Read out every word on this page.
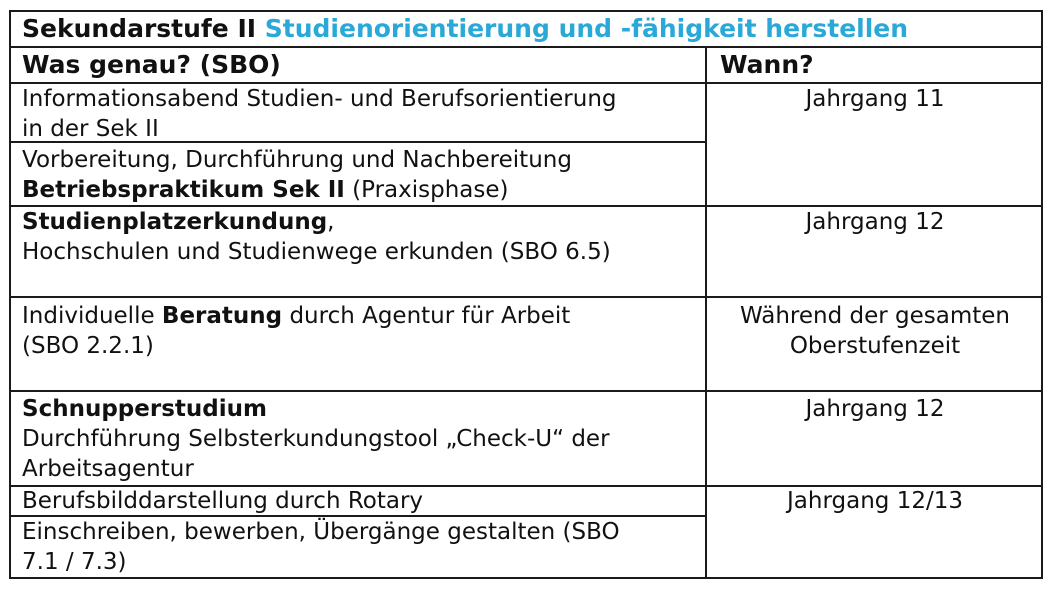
Sekundarstufe II Studienorientierung und -fähigkeit herstellen
Was genau? (SBO)	Wann?
Informationsabend Studien- und Berufsorientierung
in der Sek II
Vorbereitung, Durchführung und Nachbereitung
Betriebspraktikum Sek II (Praxisphase)
Studienplatzerkundung,
Hochschulen und Studienwege erkunden (SBO 6.5)
Individuelle Beratung durch Agentur für Arbeit
(SBO 2.2.1)
Schnupperstudium
Durchführung Selbsterkundungstool „Check-U“ der
Arbeitsagentur
Berufsbilddarstellung durch Rotary
Einschreiben, bewerben, Übergänge gestalten (SBO
7.1 / 7.3)
Jahrgang 11
Jahrgang 12
Während der gesamten
Oberstufenzeit
Jahrgang 12
Jahrgang 12/13
